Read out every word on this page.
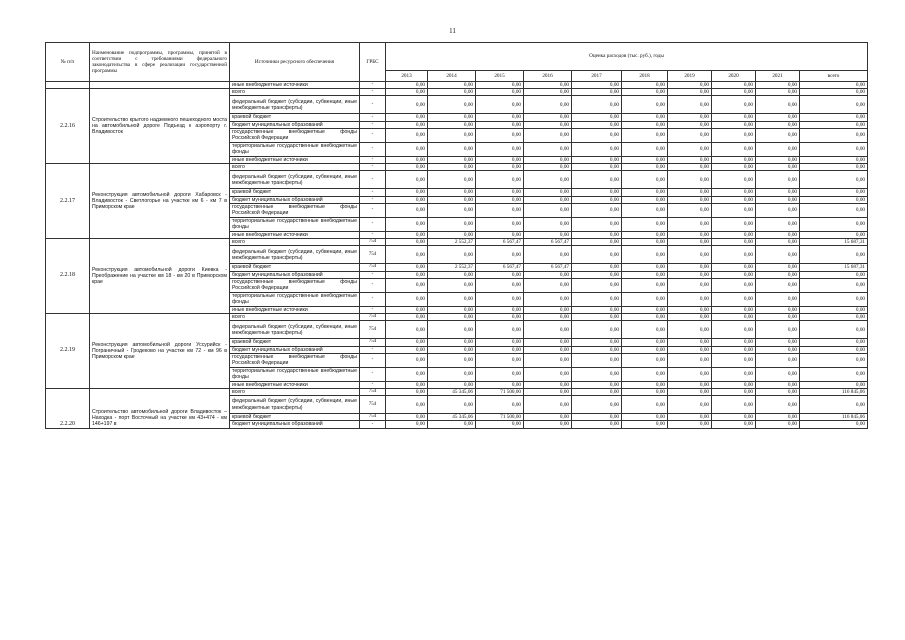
11
№ п/п	Наименование подпрограммы, программы, принятой в соответствии с требованиями федерального законодательства в сфере реализации государственной программы	Источники ресурсного обеспечения	ГРБС	Оценка расходов (тыс. руб.), годы									
				2013	2014	2015	2016	2017	2018	2019	2020	2021	всего
		иные внебюджетные источники	-	0,00	0,00	0,00	0,00	0,00	0,00	0,00	0,00	0,00	0,00
2.2.16	Строительство крытого надземного пешеходного моста на автомобильной дороге Подъезд к аэропорту г. Владивосток	всего	-	0,00	0,00	0,00	0,00	0,00	0,00	0,00	0,00	0,00	0,00
		федеральный бюджет (субсидии, субвенции, иные межбюджетные трансферты)	-	0,00	0,00	0,00	0,00	0,00	0,00	0,00	0,00	0,00	0,00
		краевой бюджет	-	0,00	0,00	0,00	0,00	0,00	0,00	0,00	0,00	0,00	0,00
		бюджет муниципальных образований	-	0,00	0,00	0,00	0,00	0,00	0,00	0,00	0,00	0,00	0,00
		государственные внебюджетные фонды Российской Федерации	-	0,00	0,00	0,00	0,00	0,00	0,00	0,00	0,00	0,00	0,00
		территориальные государственные внебюджетные фонды	-	0,00	0,00	0,00	0,00	0,00	0,00	0,00	0,00	0,00	0,00
		иные внебюджетные источники	-	0,00	0,00	0,00	0,00	0,00	0,00	0,00	0,00	0,00	0,00
2.2.17	Реконструкция автомобильной дороги Хабаровск - Владивосток - Светлогорье на участке км 6 - км 7 в Приморском крае	всего	-	0,00	0,00	0,00	0,00	0,00	0,00	0,00	0,00	0,00	0,00
		федеральный бюджет (субсидии, субвенции, иные межбюджетные трансферты)	-	0,00	0,00	0,00	0,00	0,00	0,00	0,00	0,00	0,00	0,00
		краевой бюджет	-	0,00	0,00	0,00	0,00	0,00	0,00	0,00	0,00	0,00	0,00
		бюджет муниципальных образований	-	0,00	0,00	0,00	0,00	0,00	0,00	0,00	0,00	0,00	0,00
		государственные внебюджетные фонды Российской Федерации	-	0,00	0,00	0,00	0,00	0,00	0,00	0,00	0,00	0,00	0,00
		территориальные государственные внебюджетные фонды	-	0,00	0,00	0,00	0,00	0,00	0,00	0,00	0,00	0,00	0,00
		иные внебюджетные источники	-	0,00	0,00	0,00	0,00	0,00	0,00	0,00	0,00	0,00	0,00
2.2.18	Реконструкция автомобильной дороги Киевка - Преображение на участке км 18 - км 20 в Приморском крае	всего	754	0,00	2 552,37	6 567,47	6 567,47	0,00	0,00	0,00	0,00	0,00	15 687,31
		федеральный бюджет (субсидии, субвенции, иные межбюджетные трансферты)	754	0,00	0,00	0,00	0,00	0,00	0,00	0,00	0,00	0,00	0,00
		краевой бюджет	754	0,00	2 552,37	6 567,47	6 567,47	0,00	0,00	0,00	0,00	0,00	15 687,31
		бюджет муниципальных образований	-	0,00	0,00	0,00	0,00	0,00	0,00	0,00	0,00	0,00	0,00
		государственные внебюджетные фонды Российской Федерации	-	0,00	0,00	0,00	0,00	0,00	0,00	0,00	0,00	0,00	0,00
		территориальные государственные внебюджетные фонды	-	0,00	0,00	0,00	0,00	0,00	0,00	0,00	0,00	0,00	0,00
		иные внебюджетные источники	-	0,00	0,00	0,00	0,00	0,00	0,00	0,00	0,00	0,00	0,00
2.2.19	Реконструкция автомобильной дороги Уссурийск - Пограничный - Гродеково на участке км 72 - км 96 в Приморском крае	всего	754	0,00	0,00	0,00	0,00	0,00	0,00	0,00	0,00	0,00	0,00
		федеральный бюджет (субсидии, субвенции, иные межбюджетные трансферты)	754	0,00	0,00	0,00	0,00	0,00	0,00	0,00	0,00	0,00	0,00
		краевой бюджет	754	0,00	0,00	0,00	0,00	0,00	0,00	0,00	0,00	0,00	0,00
		бюджет муниципальных образований	-	0,00	0,00	0,00	0,00	0,00	0,00	0,00	0,00	0,00	0,00
		государственные внебюджетные фонды Российской Федерации	-	0,00	0,00	0,00	0,00	0,00	0,00	0,00	0,00	0,00	0,00
		территориальные государственные внебюджетные фонды	-	0,00	0,00	0,00	0,00	0,00	0,00	0,00	0,00	0,00	0,00
		иные внебюджетные источники	-	0,00	0,00	0,00	0,00	0,00	0,00	0,00	0,00	0,00	0,00
2.2.20	Строительство автомобильной дороги Владивосток – Находка - порт Восточный на участке км 43+474 - км 146+197 в	всего	754	0,00	45 345,06	71 500,00	0,00	0,00	0,00	0,00	0,00	0,00	116 845,06
		федеральный бюджет (субсидии, субвенции, иные межбюджетные трансферты)	754	0,00	0,00	0,00	0,00	0,00	0,00	0,00	0,00	0,00	0,00
		краевой бюджет	754	0,00	45 345,06	71 500,00	0,00	0,00	0,00	0,00	0,00	0,00	116 845,06
		бюджет муниципальных образований	-	0,00	0,00	0,00	0,00	0,00	0,00	0,00	0,00	0,00	0,00
